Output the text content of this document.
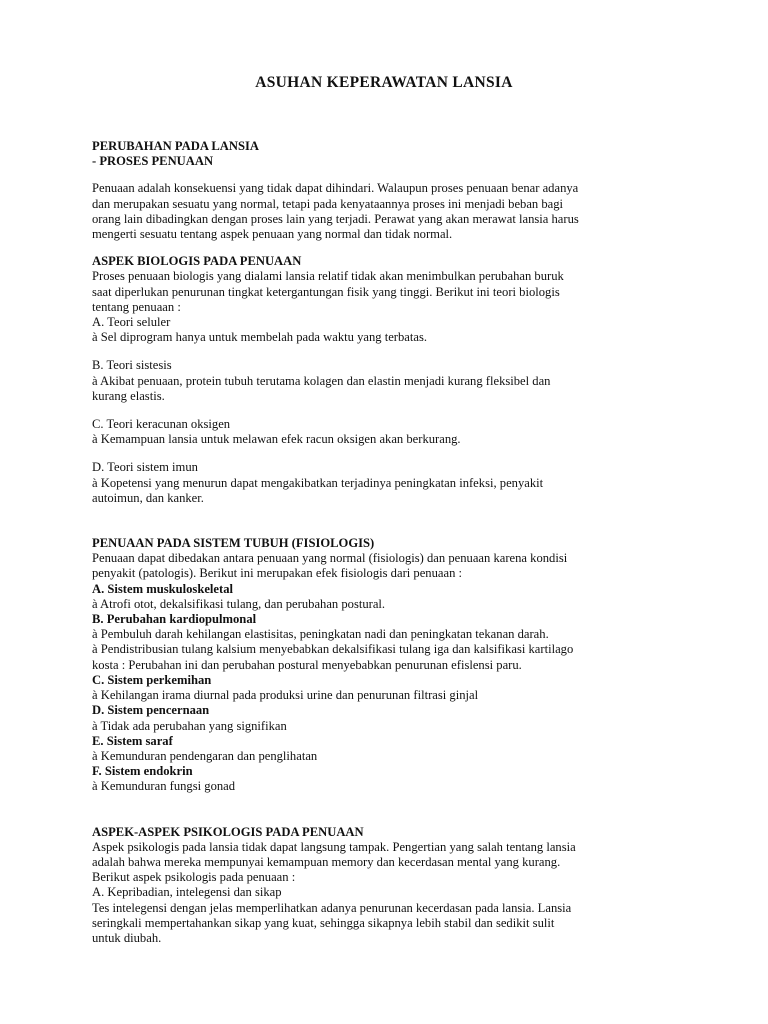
ASUHAN KEPERAWATAN LANSIA
PERUBAHAN PADA LANSIA
- PROSES PENUAAN
Penuaan adalah konsekuensi yang tidak dapat dihindari. Walaupun proses penuaan benar adanya
dan merupakan sesuatu yang normal, tetapi pada kenyataannya proses ini menjadi beban bagi
orang lain dibadingkan dengan proses lain yang terjadi. Perawat yang akan merawat lansia harus
mengerti sesuatu tentang aspek penuaan yang normal dan tidak normal.
ASPEK BIOLOGIS PADA PENUAAN
Proses penuaan biologis yang dialami lansia relatif tidak akan menimbulkan perubahan buruk
saat diperlukan penurunan tingkat ketergantungan fisik yang tinggi. Berikut ini teori biologis
tentang penuaan :
A. Teori seluler
à Sel diprogram hanya untuk membelah pada waktu yang terbatas.
B. Teori sistesis
à Akibat penuaan, protein tubuh terutama kolagen dan elastin menjadi kurang fleksibel dan
kurang elastis.
C. Teori keracunan oksigen
à Kemampuan lansia untuk melawan efek racun oksigen akan berkurang.
D. Teori sistem imun
à Kopetensi yang menurun dapat mengakibatkan terjadinya peningkatan infeksi, penyakit
autoimun, dan kanker.
PENUAAN PADA SISTEM TUBUH (FISIOLOGIS)
Penuaan dapat dibedakan antara penuaan yang normal (fisiologis) dan penuaan karena kondisi
penyakit (patologis). Berikut ini merupakan efek fisiologis dari penuaan :
A. Sistem muskuloskeletal
à Atrofi otot, dekalsifikasi tulang, dan perubahan postural.
B. Perubahan kardiopulmonal
à Pembuluh darah kehilangan elastisitas, peningkatan nadi dan peningkatan tekanan darah.
à Pendistribusian tulang kalsium menyebabkan dekalsifikasi tulang iga dan kalsifikasi kartilago
kosta : Perubahan ini dan perubahan postural menyebabkan penurunan efislensi paru.
C. Sistem perkemihan
à Kehilangan irama diurnal pada produksi urine dan penurunan filtrasi ginjal
D. Sistem pencernaan
à Tidak ada perubahan yang signifikan
E. Sistem saraf
à Kemunduran pendengaran dan penglihatan
F. Sistem endokrin
à Kemunduran fungsi gonad
ASPEK-ASPEK PSIKOLOGIS PADA PENUAAN
Aspek psikologis pada lansia tidak dapat langsung tampak. Pengertian yang salah tentang lansia
adalah bahwa mereka mempunyai kemampuan memory dan kecerdasan mental yang kurang.
Berikut aspek psikologis pada penuaan :
A. Kepribadian, intelegensi dan sikap
Tes intelegensi dengan jelas memperlihatkan adanya penurunan kecerdasan pada lansia. Lansia
seringkali mempertahankan sikap yang kuat, sehingga sikapnya lebih stabil dan sedikit sulit
untuk diubah.
